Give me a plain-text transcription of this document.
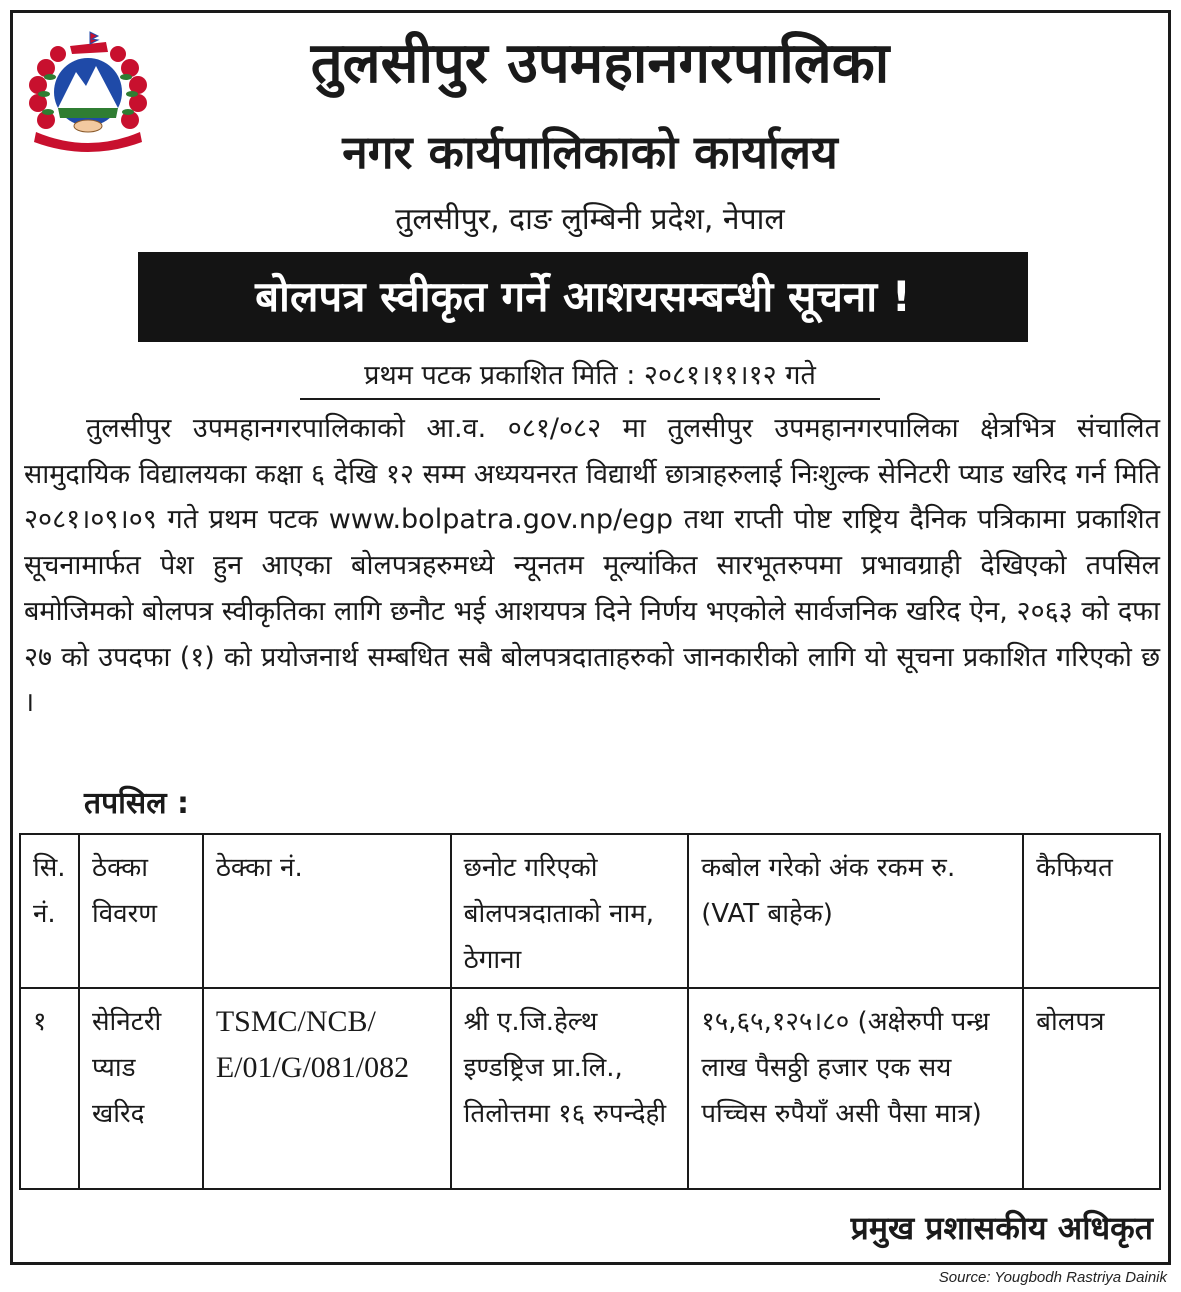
तुलसीपुर उपमहानगरपालिका
नगर कार्यपालिकाको कार्यालय
तुलसीपुर, दाङ लुम्बिनी प्रदेश, नेपाल
बोलपत्र स्वीकृत गर्ने आशयसम्बन्धी सूचना !
प्रथम पटक प्रकाशित मिति : २०८१।११।१२ गते
तुलसीपुर उपमहानगरपालिकाको आ.व. ०८१/०८२ मा तुलसीपुर उपमहानगरपालिका क्षेत्रभित्र संचालित सामुदायिक विद्यालयका कक्षा ६ देखि १२ सम्म अध्ययनरत विद्यार्थी छात्राहरुलाई निःशुल्क सेनिटरी प्याड खरिद गर्न मिति २०८१।०९।०९ गते प्रथम पटक www.bolpatra.gov.np/egp तथा राप्ती पोष्ट राष्ट्रिय दैनिक पत्रिकामा प्रकाशित सूचनामार्फत पेश हुन आएका बोलपत्रहरुमध्ये न्यूनतम मूल्यांकित सारभूतरुपमा प्रभावग्राही देखिएको तपसिल बमोजिमको बोलपत्र स्वीकृतिका लागि छनौट भई आशयपत्र दिने निर्णय भएकोले सार्वजनिक खरिद ऐन, २०६३ को दफा २७ को उपदफा (१) को प्रयोजनार्थ सम्बधित सबै बोलपत्रदाताहरुको जानकारीको लागि यो सूचना प्रकाशित गरिएको छ ।
तपसिल :
सि. नं.	ठेक्का विवरण	ठेक्का नं.	छनोट गरिएको बोलपत्रदाताको नाम, ठेगाना	कबोल गरेको अंक रकम रु. (VAT बाहेक)	कैफियत
१	सेनिटरी प्याड खरिद	TSMC/NCB/ E/01/G/081/082	श्री ए.जि.हेल्थ इण्डष्ट्रिज प्रा.लि., तिलोत्तमा १६ रुपन्देही	१५,६५,१२५।८० (अक्षेरुपी पन्ध्र लाख पैसठ्ठी हजार एक सय पच्चिस रुपैयाँ असी पैसा मात्र)	बोलपत्र
प्रमुख प्रशासकीय अधिकृत
Source: Yougbodh Rastriya Dainik
